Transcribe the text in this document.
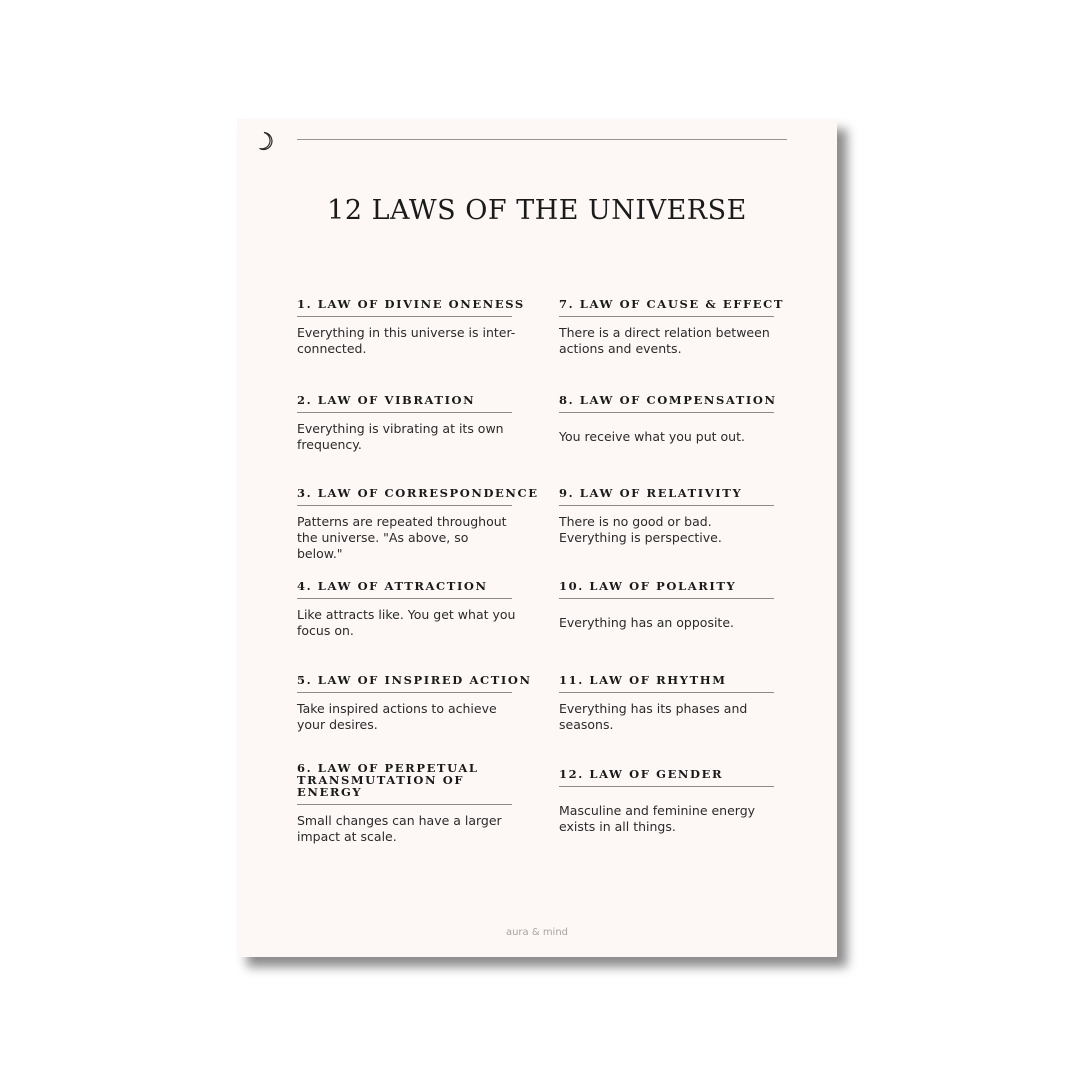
12 LAWS OF THE UNIVERSE
1. LAW OF DIVINE ONENESS
Everything in this universe is inter-connected.
2. LAW OF VIBRATION
Everything is vibrating at its own frequency.
3. LAW OF CORRESPONDENCE
Patterns are repeated throughout the universe. "As above, so below."
4. LAW OF ATTRACTION
Like attracts like. You get what you focus on.
5. LAW OF INSPIRED ACTION
Take inspired actions to achieve your desires.
6. LAW OF PERPETUAL TRANSMUTATION OF ENERGY
Small changes can have a larger impact at scale.
7. LAW OF CAUSE & EFFECT
There is a direct relation between actions and events.
8. LAW OF COMPENSATION
You receive what you put out.
9. LAW OF RELATIVITY
There is no good or bad. Everything is perspective.
10. LAW OF POLARITY
Everything has an opposite.
11. LAW OF RHYTHM
Everything has its phases and seasons.
12. LAW OF GENDER
Masculine and feminine energy exists in all things.
aura & mind
